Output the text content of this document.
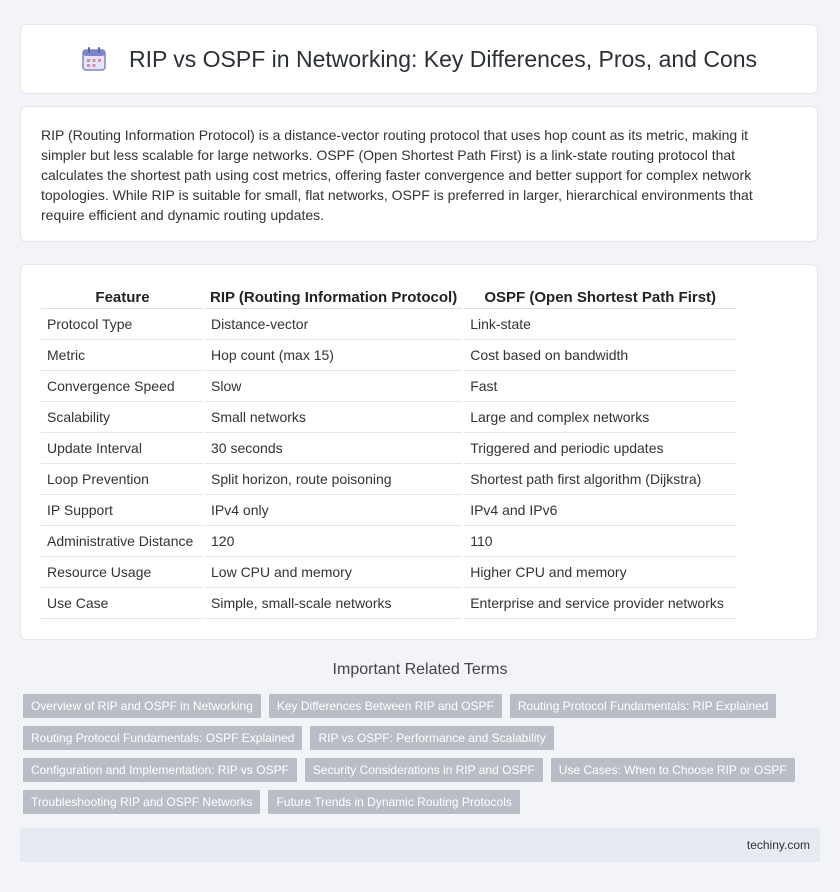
RIP vs OSPF in Networking: Key Differences, Pros, and Cons

RIP (Routing Information Protocol) is a distance-vector routing protocol that uses hop count as its metric, making it simpler but less scalable for large networks. OSPF (Open Shortest Path First) is a link-state routing protocol that calculates the shortest path using cost metrics, offering faster convergence and better support for complex network topologies. While RIP is suitable for small, flat networks, OSPF is preferred in larger, hierarchical environments that require efficient and dynamic routing updates.

Feature	RIP (Routing Information Protocol)	OSPF (Open Shortest Path First)
Protocol Type	Distance-vector	Link-state
Metric	Hop count (max 15)	Cost based on bandwidth
Convergence Speed	Slow	Fast
Scalability	Small networks	Large and complex networks
Update Interval	30 seconds	Triggered and periodic updates
Loop Prevention	Split horizon, route poisoning	Shortest path first algorithm (Dijkstra)
IP Support	IPv4 only	IPv4 and IPv6
Administrative Distance	120	110
Resource Usage	Low CPU and memory	Higher CPU and memory
Use Case	Simple, small-scale networks	Enterprise and service provider networks
Important Related Terms
Overview of RIP and OSPF in Networking	Key Differences Between RIP and OSPF	Routing Protocol Fundamentals: RIP Explained
Routing Protocol Fundamentals: OSPF Explained	RIP vs OSPF: Performance and Scalability
Configuration and Implementation: RIP vs OSPF	Security Considerations in RIP and OSPF	Use Cases: When to Choose RIP or OSPF
Troubleshooting RIP and OSPF Networks	Future Trends in Dynamic Routing Protocols
techiny.com
